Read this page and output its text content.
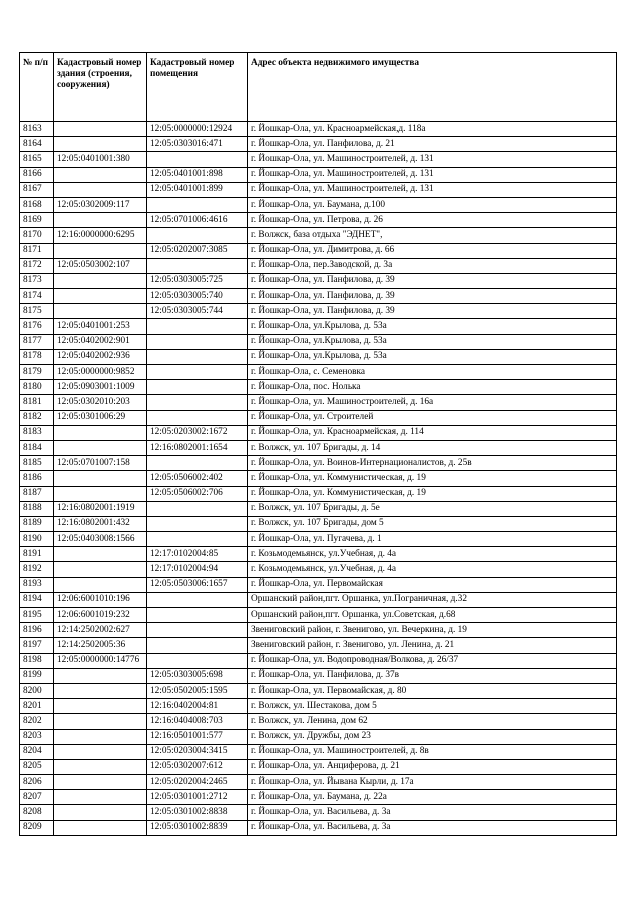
№ п/п	Кадастровый номер здания (строения, сооружения)	Кадастровый номер помещения	Адрес объекта недвижимого имущества
8163		12:05:0000000:12924	г. Йошкар-Ола, ул. Красноармейская,д. 118а
8164		12:05:0303016:471	г. Йошкар-Ола, ул. Панфилова, д. 21
8165	12:05:0401001:380		г. Йошкар-Ола, ул. Машиностроителей, д. 131
8166		12:05:0401001:898	г. Йошкар-Ола, ул. Машиностроителей, д. 131
8167		12:05:0401001:899	г. Йошкар-Ола, ул. Машиностроителей, д. 131
8168	12:05:0302009:117		г. Йошкар-Ола, ул. Баумана, д.100
8169		12:05:0701006:4616	г. Йошкар-Ола, ул. Петрова, д. 26
8170	12:16:0000000:6295		г. Волжск, база отдыха "ЭДНЕТ",
8171		12:05:0202007:3085	г. Йошкар-Ола, ул. Димитрова, д. 66
8172	12:05:0503002:107		г. Йошкар-Ола, пер.Заводской, д. 3а
8173		12:05:0303005:725	г. Йошкар-Ола, ул. Панфилова, д. 39
8174		12:05:0303005:740	г. Йошкар-Ола, ул. Панфилова, д. 39
8175		12:05:0303005:744	г. Йошкар-Ола, ул. Панфилова, д. 39
8176	12:05:0401001:253		г. Йошкар-Ола, ул.Крылова, д. 53а
8177	12:05:0402002:901		г. Йошкар-Ола, ул.Крылова, д. 53а
8178	12:05:0402002:936		г. Йошкар-Ола, ул.Крылова, д. 53а
8179	12:05:0000000:9852		г. Йошкар-Ола, с. Семеновка
8180	12:05:0903001:1009		г. Йошкар-Ола, пос. Нолька
8181	12:05:0302010:203		г. Йошкар-Ола, ул. Машиностроителей, д. 16а
8182	12:05:0301006:29		г. Йошкар-Ола, ул. Строителей
8183		12:05:0203002:1672	г. Йошкар-Ола, ул. Красноармейская, д. 114
8184		12:16:0802001:1654	г. Волжск, ул. 107 Бригады, д. 14
8185	12:05:0701007:158		г. Йошкар-Ола, ул. Воинов-Интернационалистов, д. 25в
8186		12:05:0506002:402	г. Йошкар-Ола, ул. Коммунистическая, д. 19
8187		12:05:0506002:706	г. Йошкар-Ола, ул. Коммунистическая, д. 19
8188	12:16:0802001:1919		г. Волжск, ул. 107 Бригады, д. 5е
8189	12:16:0802001:432		г. Волжск, ул. 107 Бригады, дом 5
8190	12:05:0403008:1566		г. Йошкар-Ола, ул. Пугачева, д. 1
8191		12:17:0102004:85	г. Козьмодемьянск, ул.Учебная, д. 4а
8192		12:17:0102004:94	г. Козьмодемьянск, ул.Учебная, д. 4а
8193		12:05:0503006:1657	г. Йошкар-Ола, ул. Первомайская
8194	12:06:6001010:196		Оршанский район,пгт. Оршанка, ул.Пограничная, д.32
8195	12:06:6001019:232		Оршанский район,пгт. Оршанка, ул.Советская, д.68
8196	12:14:2502002:627		Звениговский район, г. Звенигово, ул. Вечеркина, д. 19
8197	12:14:2502005:36		Звениговский район, г. Звенигово, ул. Ленина, д. 21
8198	12:05:0000000:14776		г. Йошкар-Ола, ул. Водопроводная/Волкова, д. 26/37
8199		12:05:0303005:698	г. Йошкар-Ола, ул. Панфилова, д. 37в
8200		12:05:0502005:1595	г. Йошкар-Ола, ул. Первомайская, д. 80
8201		12:16:0402004:81	г. Волжск, ул. Шестакова, дом 5
8202		12:16:0404008:703	г. Волжск, ул. Ленина, дом 62
8203		12:16:0501001:577	г. Волжск, ул. Дружбы, дом 23
8204		12:05:0203004:3415	г. Йошкар-Ола, ул. Машиностроителей, д. 8в
8205		12:05:0302007:612	г. Йошкар-Ола, ул. Анциферова, д. 21
8206		12:05:0202004:2465	г. Йошкар-Ола, ул. Йывана Кырли, д. 17а
8207		12:05:0301001:2712	г. Йошкар-Ола, ул. Баумана, д. 22а
8208		12:05:0301002:8838	г. Йошкар-Ола, ул. Васильева, д. 3а
8209		12:05:0301002:8839	г. Йошкар-Ола, ул. Васильева, д. 3а
